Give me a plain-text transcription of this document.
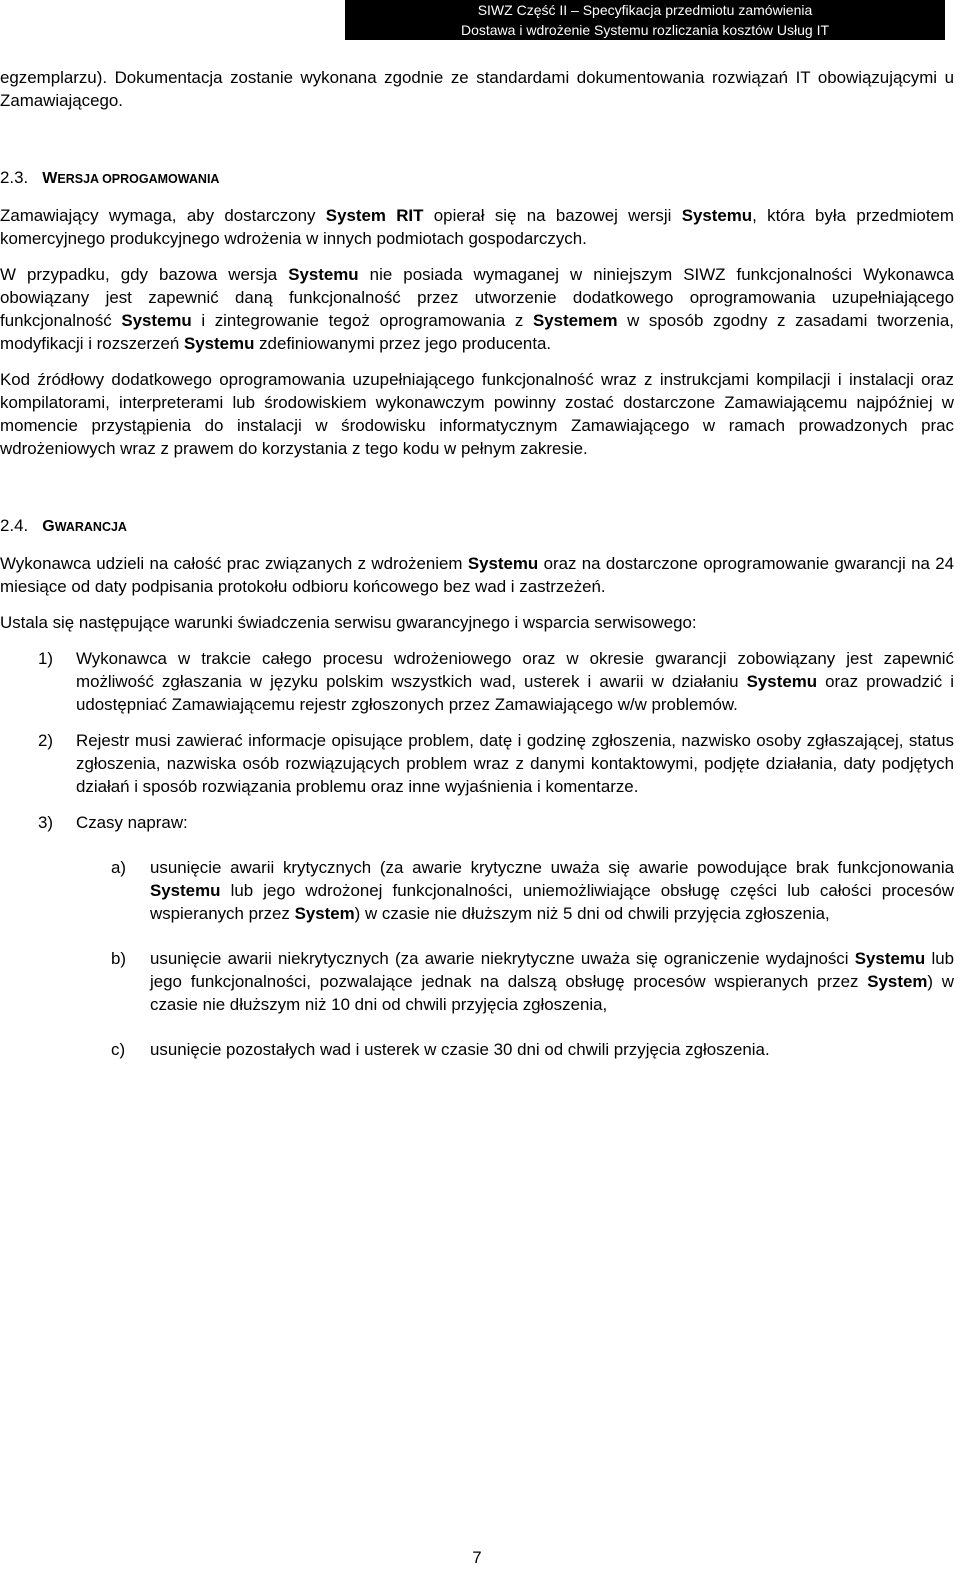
SIWZ Część II – Specyfikacja przedmiotu zamówienia
Dostawa i wdrożenie Systemu rozliczania kosztów Usług IT

egzemplarzu). Dokumentacja zostanie wykonana zgodnie ze standardami dokumentowania rozwiązań IT obowiązującymi u Zamawiającego.

2.3. WERSJA OPROGAMOWANIA

Zamawiający wymaga, aby dostarczony System RIT opierał się na bazowej wersji Systemu, która była przedmiotem komercyjnego produkcyjnego wdrożenia w innych podmiotach gospodarczych.

W przypadku, gdy bazowa wersja Systemu nie posiada wymaganej w niniejszym SIWZ funkcjonalności Wykonawca obowiązany jest zapewnić daną funkcjonalność przez utworzenie dodatkowego oprogramowania uzupełniającego funkcjonalność Systemu i zintegrowanie tegoż oprogramowania z Systemem w sposób zgodny z zasadami tworzenia, modyfikacji i rozszerzeń Systemu zdefiniowanymi przez jego producenta.

Kod źródłowy dodatkowego oprogramowania uzupełniającego funkcjonalność wraz z instrukcjami kompilacji i instalacji oraz kompilatorami, interpreterami lub środowiskiem wykonawczym powinny zostać dostarczone Zamawiającemu najpóźniej w momencie przystąpienia do instalacji w środowisku informatycznym Zamawiającego w ramach prowadzonych prac wdrożeniowych wraz z prawem do korzystania z tego kodu w pełnym zakresie.

2.4. GWARANCJA

Wykonawca udzieli na całość prac związanych z wdrożeniem Systemu oraz na dostarczone oprogramowanie gwarancji na 24 miesiące od daty podpisania protokołu odbioru końcowego bez wad i zastrzeżeń.

Ustala się następujące warunki świadczenia serwisu gwarancyjnego i wsparcia serwisowego:

1)	Wykonawca w trakcie całego procesu wdrożeniowego oraz w okresie gwarancji zobowiązany jest zapewnić możliwość zgłaszania w języku polskim wszystkich wad, usterek i awarii w działaniu Systemu oraz prowadzić i udostępniać Zamawiającemu rejestr zgłoszonych przez Zamawiającego w/w problemów.
2)	Rejestr musi zawierać informacje opisujące problem, datę i godzinę zgłoszenia, nazwisko osoby zgłaszającej, status zgłoszenia, nazwiska osób rozwiązujących problem wraz z danymi kontaktowymi, podjęte działania, daty podjętych działań i sposób rozwiązania problemu oraz inne wyjaśnienia i komentarze.
3)	Czasy napraw:
a)	usunięcie awarii krytycznych (za awarie krytyczne uważa się awarie powodujące brak funkcjonowania Systemu lub jego wdrożonej funkcjonalności, uniemożliwiające obsługę części lub całości procesów wspieranych przez System) w czasie nie dłuższym niż 5 dni od chwili przyjęcia zgłoszenia,
b)	usunięcie awarii niekrytycznych (za awarie niekrytyczne uważa się ograniczenie wydajności Systemu lub jego funkcjonalności, pozwalające jednak na dalszą obsługę procesów wspieranych przez System) w czasie nie dłuższym niż 10 dni od chwili przyjęcia zgłoszenia,
c)	usunięcie pozostałych wad i usterek w czasie 30 dni od chwili przyjęcia zgłoszenia.
7
